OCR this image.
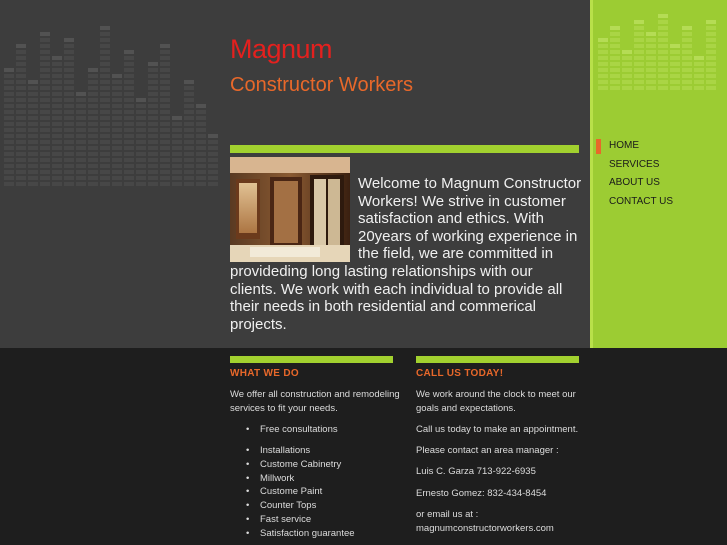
Magnum
Constructor Workers
Welcome to Magnum Constructor Workers! We strive in customer satisfaction and ethics. With 20years of working experience in the field, we are committed in provideding long lasting relationships with our clients. We work with each individual to provide all their needs in both residential and commerical projects.
HOME
SERVICES
ABOUT US
CONTACT US
WHAT WE DO
We offer all construction and remodeling services to fit your needs.
• Free consultations
• Installations
• Custome Cabinetry
• Millwork
• Custome Paint
• Counter Tops
• Fast service
• Satisfaction guarantee
CALL US TODAY!
We work around the clock to meet our goals and expectations.
Call us today to make an appointment.
Please contact an area manager :
Luis C. Garza 713-922-6935
Ernesto Gomez: 832-434-8454
or email us at : magnumconstructorworkers.com
